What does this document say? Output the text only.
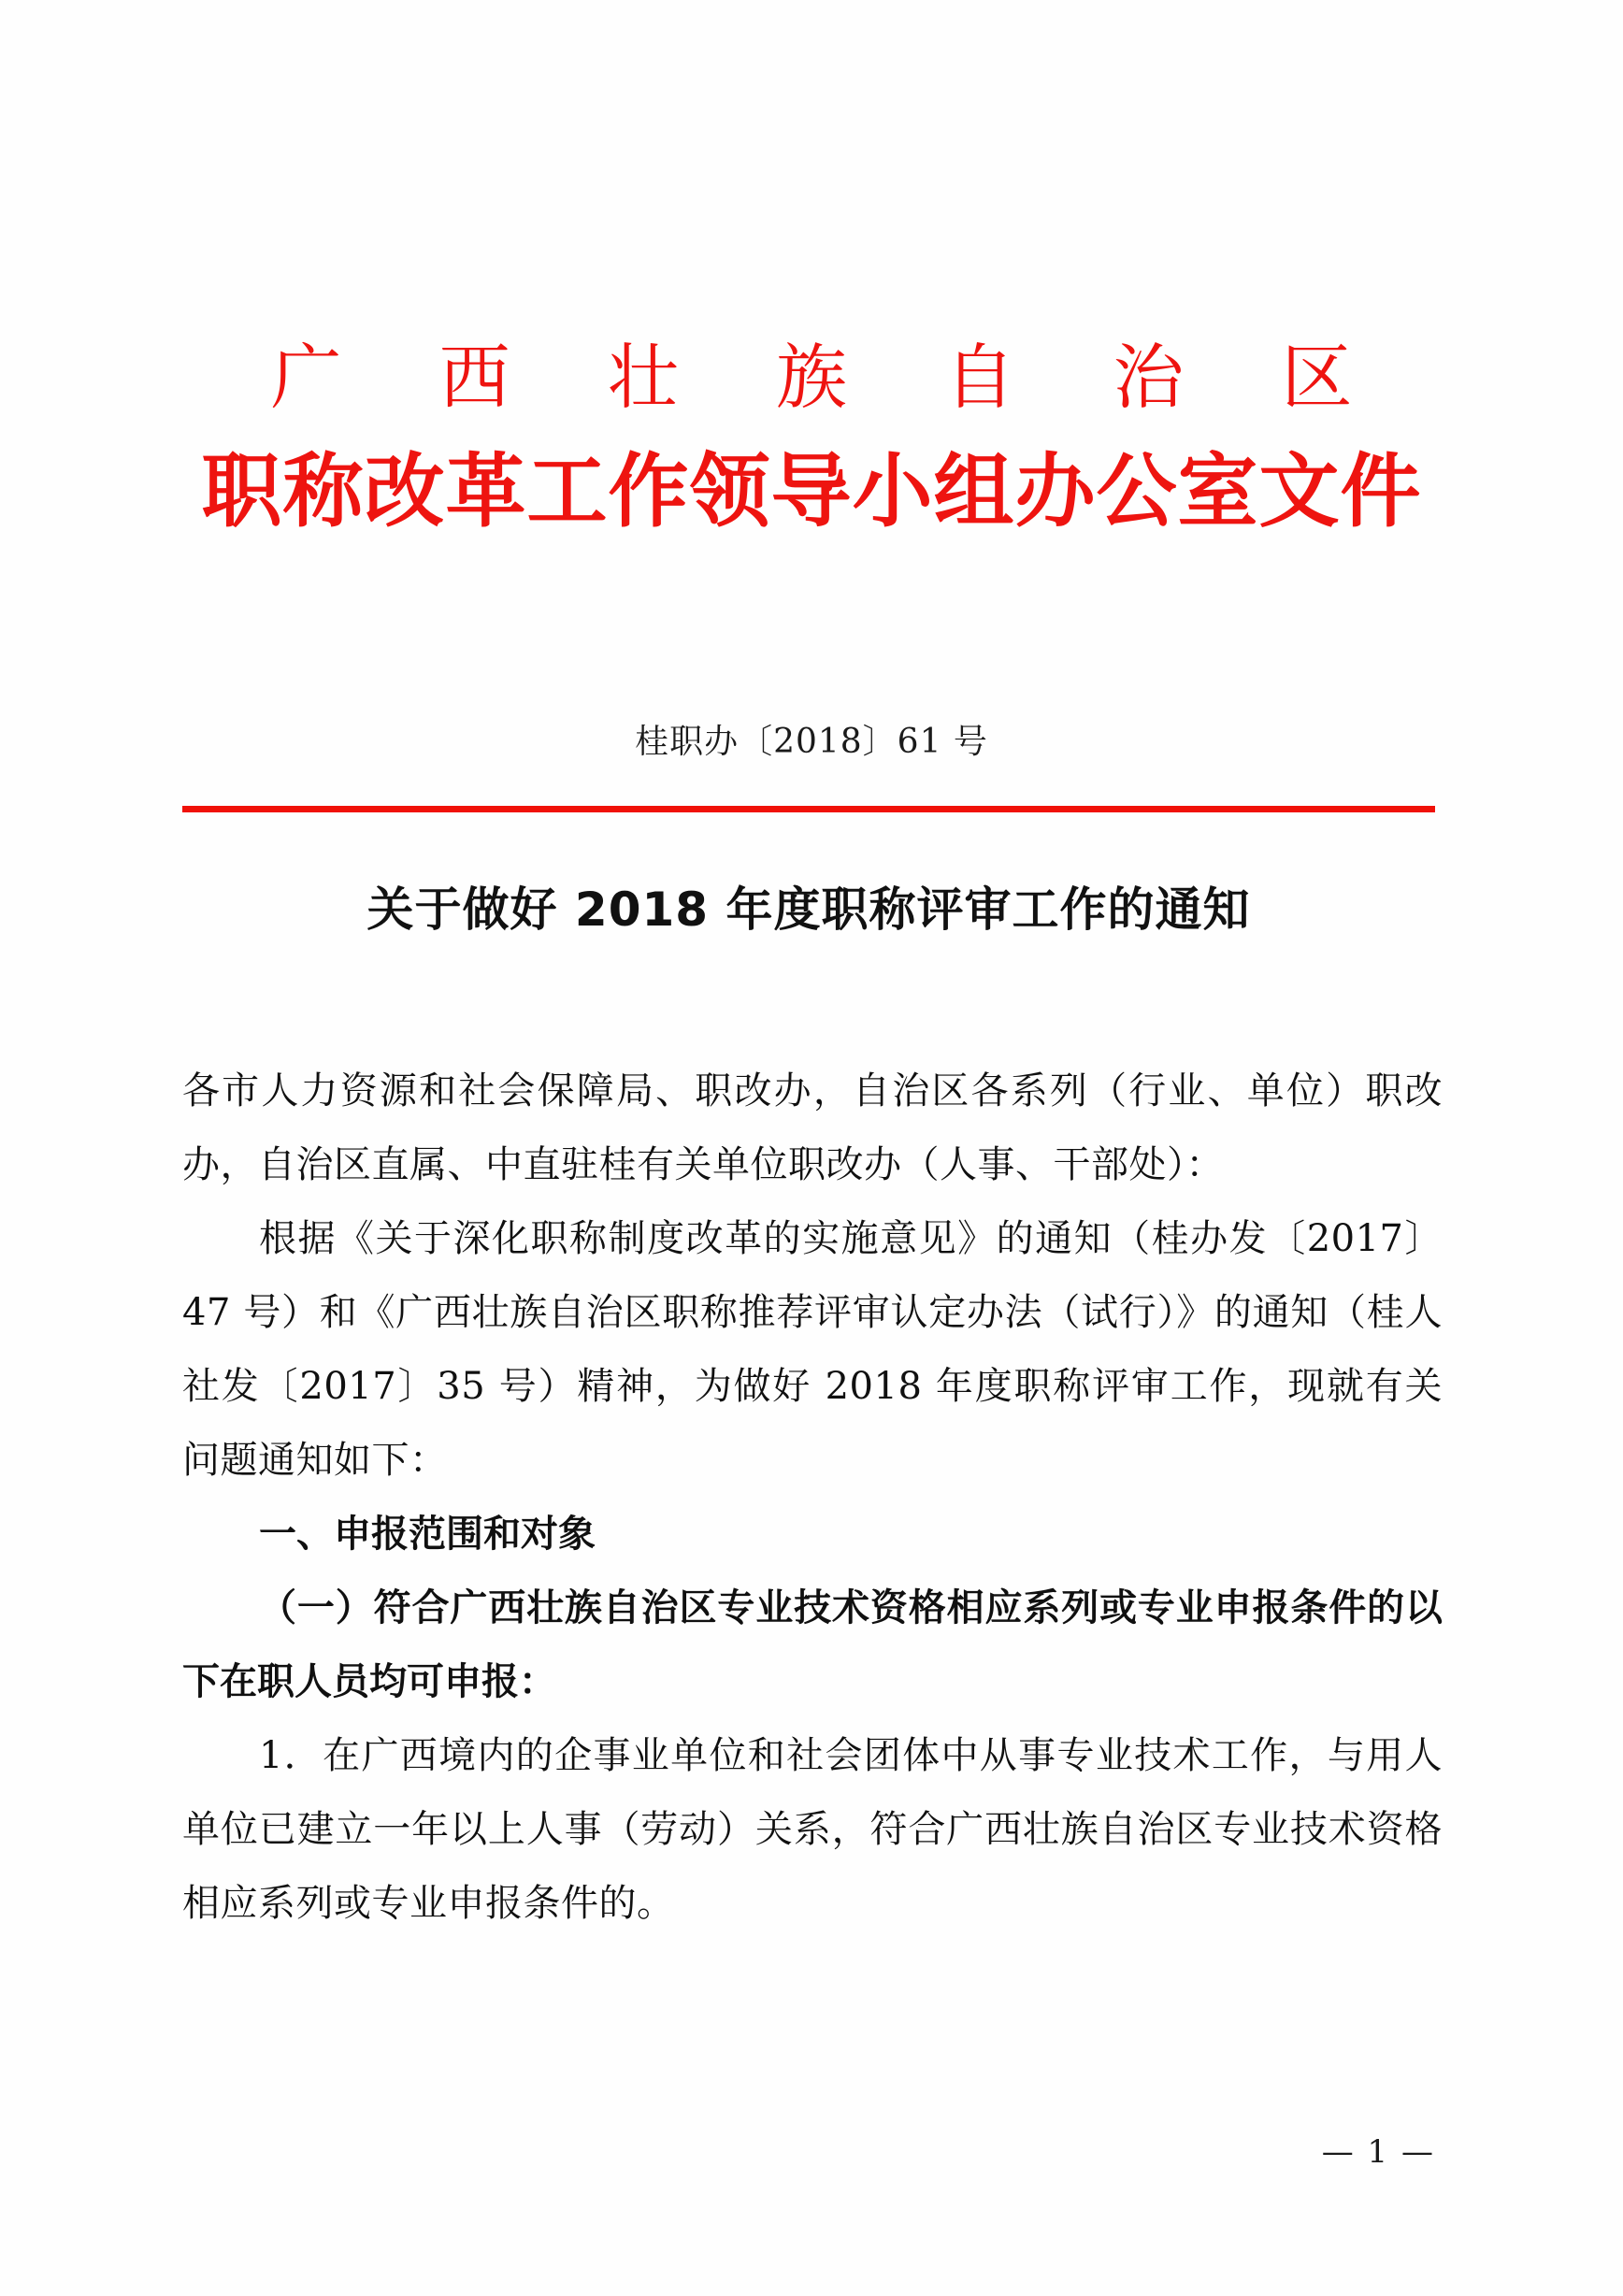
广 西 壮 族 自 治 区
职称改革工作领导小组办公室文件
桂职办〔2018〕61 号
关于做好 2018 年度职称评审工作的通知

各市人力资源和社会保障局、职改办，自治区各系列（行业、单位）职改办，自治区直属、中直驻桂有关单位职改办（人事、干部处）：

根据《关于深化职称制度改革的实施意见》的通知（桂办发〔2017〕47 号）和《广西壮族自治区职称推荐评审认定办法（试行）》的通知（桂人社发〔2017〕35 号）精神，为做好 2018 年度职称评审工作，现就有关问题通知如下：

一、申报范围和对象

（一）符合广西壮族自治区专业技术资格相应系列或专业申报条件的以下在职人员均可申报：

1．在广西境内的企事业单位和社会团体中从事专业技术工作，与用人单位已建立一年以上人事（劳动）关系，符合广西壮族自治区专业技术资格相应系列或专业申报条件的。

— 1 —
